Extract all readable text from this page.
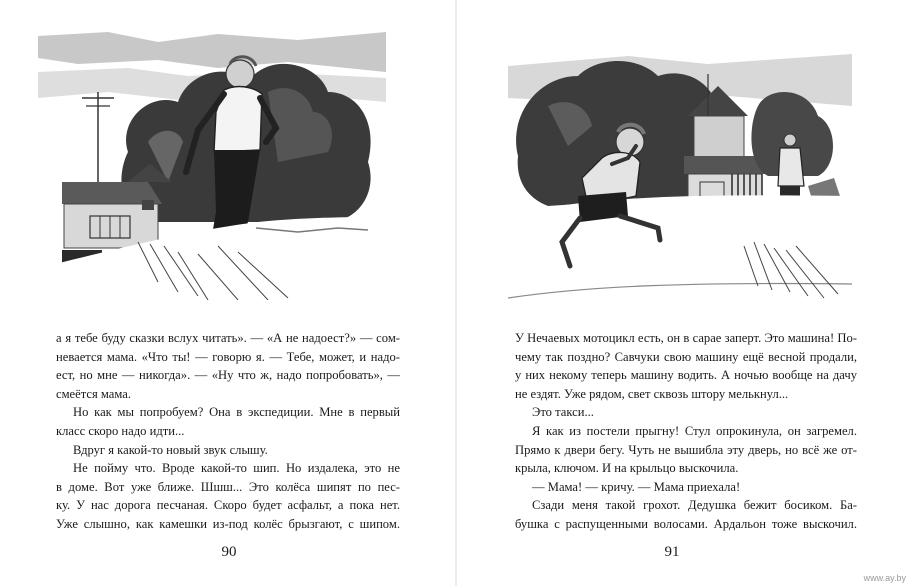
а я тебе буду сказки вслух читать». — «А не надоест?» — сом-
невается мама. «Что ты! — говорю я. — Тебе, может, и надо-
ест, но мне — никогда». — «Ну что ж, надо попробовать», —
смеётся мама.

Но как мы попробуем? Она в экспедиции. Мне в первый
класс скоро надо идти...

Вдруг я какой-то новый звук слышу.

Не пойму что. Вроде какой-то шип. Но издалека, это не
в доме. Вот уже ближе. Шшш... Это колёса шипят по пес-
ку. У нас дорога песчаная. Скоро будет асфальт, а пока нет.
Уже слышно, как камешки из-под колёс брызгают, с шипом.

90

У Нечаевых мотоцикл есть, он в сарае заперт. Это машина! По-
чему так поздно? Савчуки свою машину ещё весной продали,
у них некому теперь машину водить. А ночью вообще на дачу
не ездят. Уже рядом, свет сквозь штору мелькнул...

Это такси...

Я как из постели прыгну! Стул опрокинула, он загремел.
Прямо к двери бегу. Чуть не вышибла эту дверь, но всё же от-
крыла, ключом. И на крыльцо выскочила.

— Мама! — кричу. — Мама приехала!

Сзади меня такой грохот. Дедушка бежит босиком. Ба-
бушка с распущенными волосами. Ардальон тоже выскочил.

91
www.ay.by
